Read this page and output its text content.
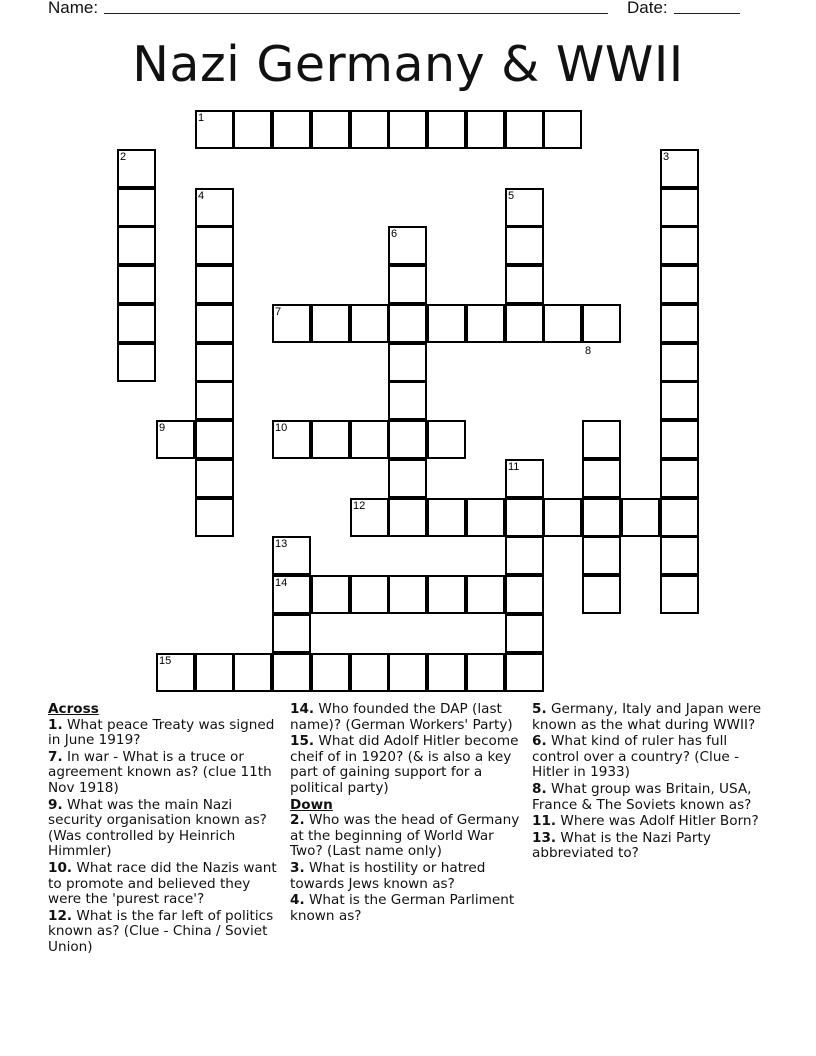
Name:	Date:
Nazi Germany & WWII
1
2	3
4	5
6
7
8
9	10
11
12
13
14
15
Across
1. What peace Treaty was signed in June 1919?
7. In war - What is a truce or agreement known as? (clue 11th Nov 1918)
9. What was the main Nazi security organisation known as? (Was controlled by Heinrich Himmler)
10. What race did the Nazis want to promote and believed they were the 'purest race'?
12. What is the far left of politics known as? (Clue - China / Soviet Union)
14. Who founded the DAP (last name)? (German Workers' Party)
15. What did Adolf Hitler become cheif of in 1920? (& is also a key part of gaining support for a political party)
Down
2. Who was the head of Germany at the beginning of World War Two? (Last name only)
3. What is hostility or hatred towards Jews known as?
4. What is the German Parliment known as?
5. Germany, Italy and Japan were known as the what during WWII?
6. What kind of ruler has full control over a country? (Clue - Hitler in 1933)
8. What group was Britain, USA, France & The Soviets known as?
11. Where was Adolf Hitler Born?
13. What is the Nazi Party abbreviated to?
